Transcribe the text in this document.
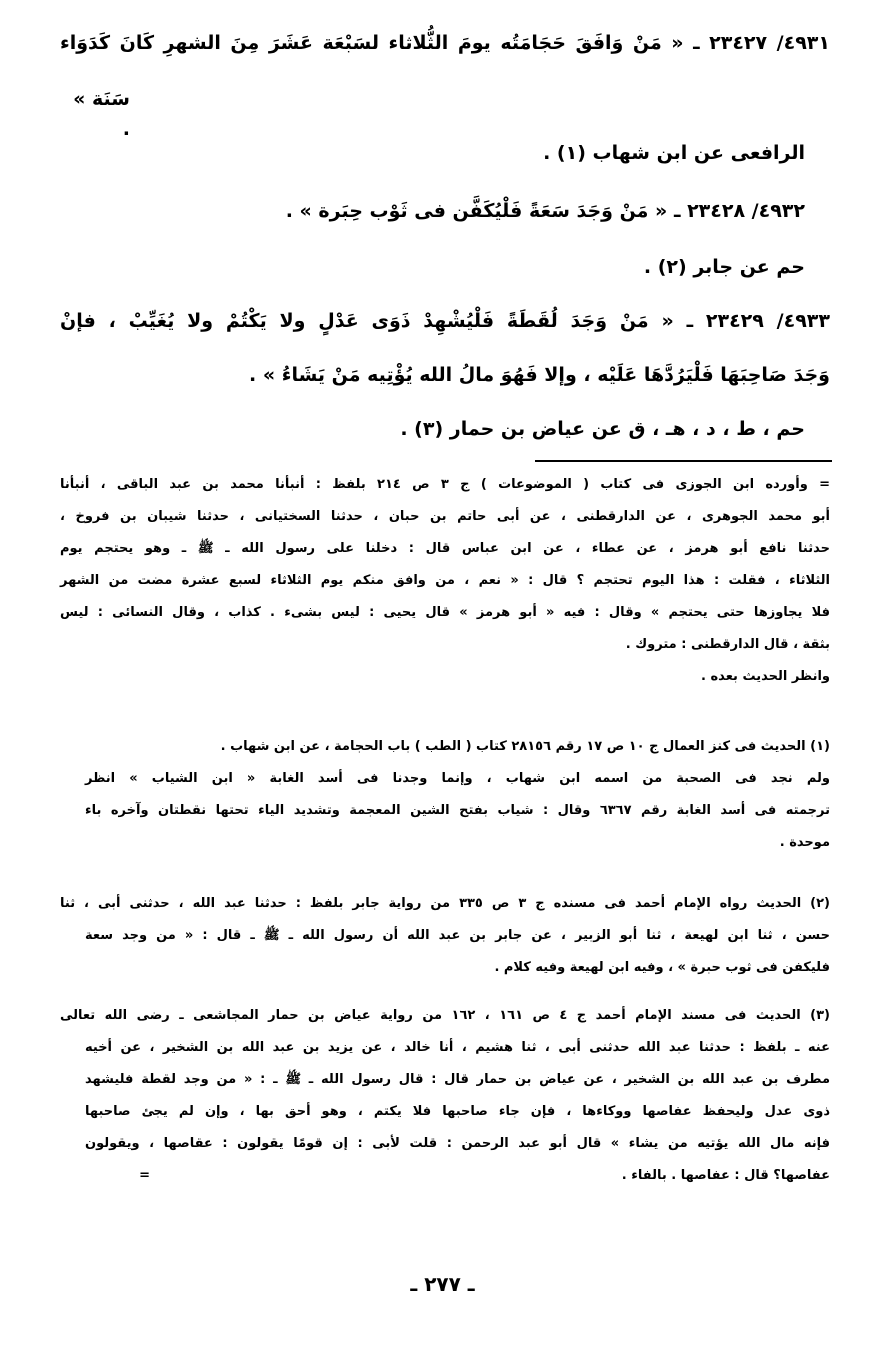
٤٩٣١/ ٢٣٤٢٧ ـ « مَنْ وَافَقَ حَجَامَتُه يومَ الثُّلاثاء لسَبْعَة عَشَرَ مِنَ الشهرِ كَانَ كَدَوَاء
سَنَة » .
الرافعى عن ابن شهاب (١) .
٤٩٣٢/ ٢٣٤٢٨ ـ « مَنْ وَجَدَ سَعَةً فَلْيُكَفَّن فى ثَوْب حِبَرة » .
حم عن جابر (٢) .
٤٩٣٣/ ٢٣٤٢٩ ـ « مَنْ وَجَدَ لُقَطَةً فَلْيُشْهِدْ ذَوَى عَدْلٍ ولا يَكْتُمْ ولا يُغَيِّبْ ، فإنْ
وَجَدَ صَاحِبَهَا فَلْيَرُدَّهَا عَلَيْه ، وإلا فَهُوَ مالُ الله يُؤْتِيه مَنْ يَشَاءُ » .
حم ، ط ، د ، هـ ، ق عن عياض بن حمار (٣) .
= وأورده ابن الجوزى فى كتاب ( الموضوعات ) ج ٣ ص ٢١٤ بلفظ : أنبأنا محمد بن عبد الباقى ، أنبأنا
أبو محمد الجوهرى ، عن الدارقطنى ، عن أبى حاتم بن حبان ، حدثنا السختيانى ، حدثنا شيبان بن فروخ ،
حدثنا نافع أبو هرمز ، عن عطاء ، عن ابن عباس قال : دخلنا على رسول الله ـ ﷺ ـ وهو يحتجم يوم
الثلاثاء ، فقلت : هذا اليوم تحتجم ؟ قال : « نعم ، من وافق منكم يوم الثلاثاء لسبع عشرة مضت من الشهر
فلا يجاوزها حتى يحتجم » وقال : فيه « أبو هرمز » قال يحيى : ليس بشىء . كذاب ، وقال النسائى : ليس
بثقة ، قال الدارقطنى : متروك .
وانظر الحديث بعده .
(١) الحديث فى كنز العمال ج ١٠ ص ١٧ رقم ٢٨١٥٦ كتاب ( الطب ) باب الحجامة ، عن ابن شهاب .
ولم نجد فى الصحبة من اسمه ابن شهاب ، وإنما وجدنا فى أسد الغابة « ابن الشياب » انظر
ترجمته فى أسد الغابة رقم ٦٣٦٧ وقال : شياب بفتح الشين المعجمة وتشديد الياء تحتها نقطتان وآخره باء
موحدة .
(٢) الحديث رواه الإمام أحمد فى مسنده ج ٣ ص ٣٣٥ من رواية جابر بلفظ : حدثنا عبد الله ، حدثنى أبى ، ثنا
حسن ، ثنا ابن لهيعة ، ثنا أبو الزبير ، عن جابر بن عبد الله أن رسول الله ـ ﷺ ـ قال : « من وجد سعة
فليكفن فى ثوب حبرة » ، وفيه ابن لهيعة وفيه كلام .
(٣) الحديث فى مسند الإمام أحمد ج ٤ ص ١٦١ ، ١٦٢ من رواية عياض بن حمار المجاشعى ـ رضى الله تعالى
عنه ـ بلفظ : حدثنا عبد الله حدثنى أبى ، ثنا هشيم ، أنا خالد ، عن يزيد بن عبد الله بن الشخير ، عن أخيه
مطرف بن عبد الله بن الشخير ، عن عياض بن حمار قال : قال رسول الله ـ ﷺ ـ : « من وجد لقطة فليشهد
ذوى عدل وليحفظ عفاصها ووكاءها ، فإن جاء صاحبها فلا يكتم ، وهو أحق بها ، وإن لم يجئ صاحبها
فإنه مال الله يؤتيه من يشاء » قال أبو عبد الرحمن : قلت لأبى : إن قومًا يقولون : عقاصها ، ويقولون
عفاصها؟ قال : عفاصها . بالفاء .
=
ـ ٢٧٧ ـ
